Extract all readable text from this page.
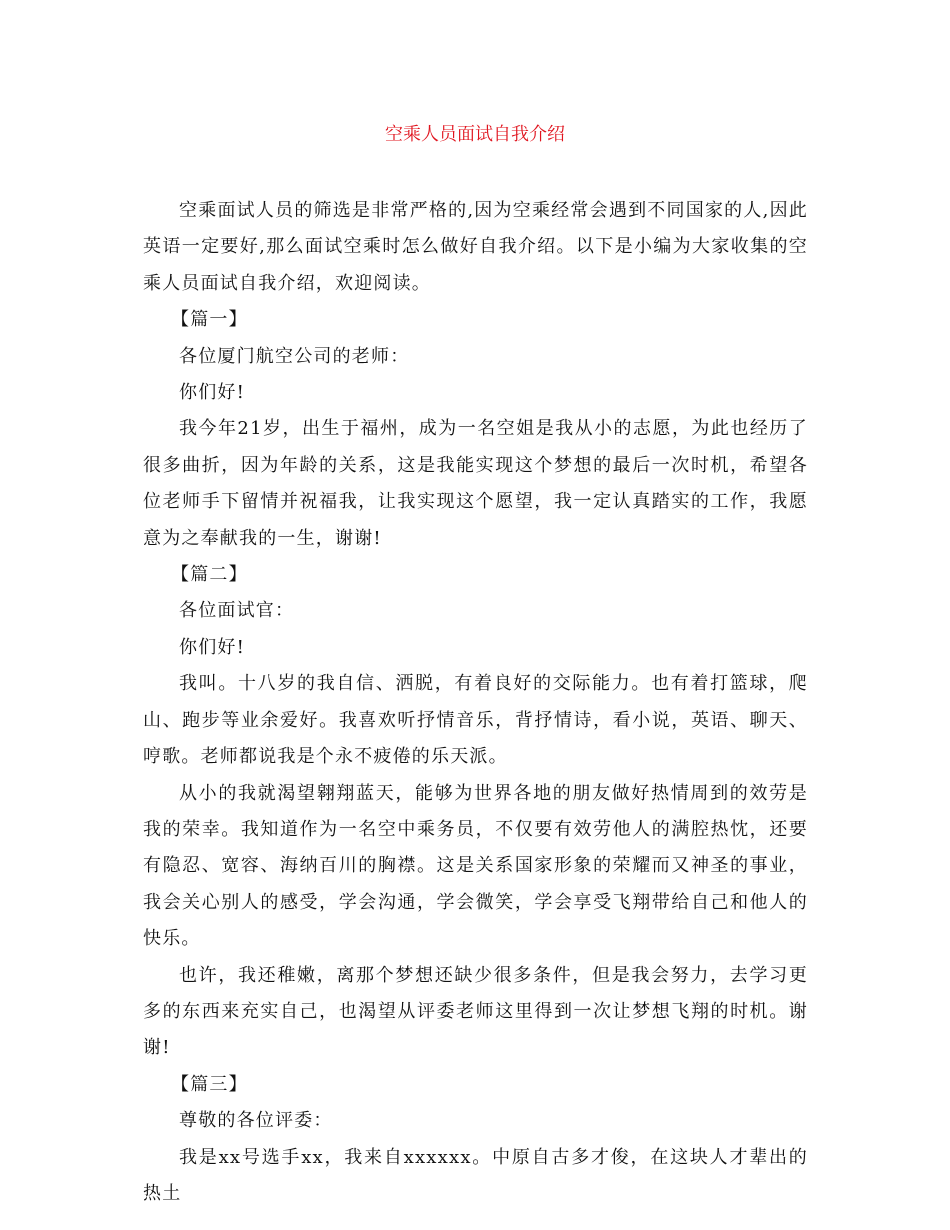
空乘人员面试自我介绍

空乘面试人员的筛选是非常严格的,因为空乘经常会遇到不同国家的人,因此英语一定要好,那么面试空乘时怎么做好自我介绍。以下是小编为大家收集的空乘人员面试自我介绍，欢迎阅读。

【篇一】

各位厦门航空公司的老师：

你们好!

我今年21岁，出生于福州，成为一名空姐是我从小的志愿，为此也经历了很多曲折，因为年龄的关系，这是我能实现这个梦想的最后一次时机，希望各位老师手下留情并祝福我，让我实现这个愿望，我一定认真踏实的工作，我愿意为之奉献我的一生，谢谢!

【篇二】

各位面试官：

你们好!

我叫。十八岁的我自信、洒脱，有着良好的交际能力。也有着打篮球，爬山、跑步等业余爱好。我喜欢听抒情音乐，背抒情诗，看小说，英语、聊天、哼歌。老师都说我是个永不疲倦的乐天派。

从小的我就渴望翱翔蓝天，能够为世界各地的朋友做好热情周到的效劳是我的荣幸。我知道作为一名空中乘务员，不仅要有效劳他人的满腔热忱，还要有隐忍、宽容、海纳百川的胸襟。这是关系国家形象的荣耀而又神圣的事业，我会关心别人的感受，学会沟通，学会微笑，学会享受飞翔带给自己和他人的快乐。

也许，我还稚嫩，离那个梦想还缺少很多条件，但是我会努力，去学习更多的东西来充实自己，也渴望从评委老师这里得到一次让梦想飞翔的时机。谢谢!

【篇三】

尊敬的各位评委：

我是xx号选手xx，我来自xxxxxx。中原自古多才俊，在这块人才辈出的热土
